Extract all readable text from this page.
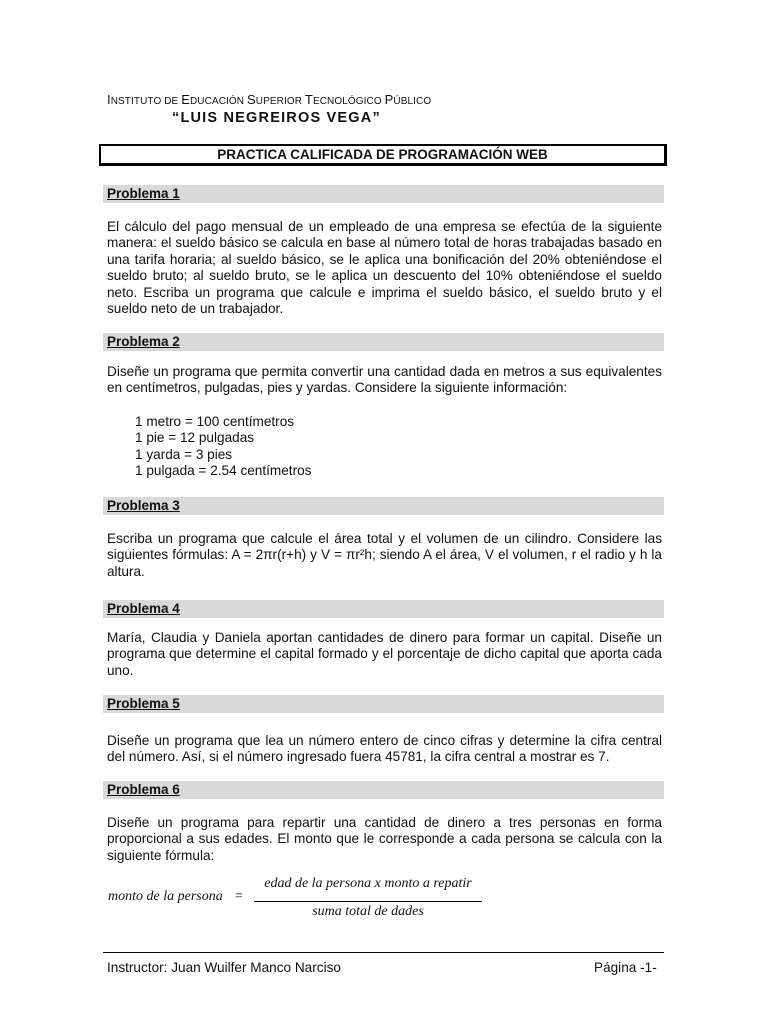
INSTITUTO DE EDUCACIÓN SUPERIOR TECNOLÓGICO PÚBLICO
“LUIS NEGREIROS VEGA”
PRACTICA CALIFICADA DE PROGRAMACIÓN WEB
Problema 1
El cálculo del pago mensual de un empleado de una empresa se efectúa de la siguiente manera: el sueldo básico se calcula en base al número total de horas trabajadas basado en una tarifa horaria; al sueldo básico, se le aplica una bonificación del 20% obteniéndose el sueldo bruto; al sueldo bruto, se le aplica un descuento del 10% obteniéndose el sueldo neto. Escriba un programa que calcule e imprima el sueldo básico, el sueldo bruto y el sueldo neto de un trabajador.
Problema 2
Diseñe un programa que permita convertir una cantidad dada en metros a sus equivalentes en centímetros, pulgadas, pies y yardas. Considere la siguiente información:
1 metro = 100 centímetros
1 pie = 12 pulgadas
1 yarda = 3 pies
1 pulgada = 2.54 centímetros
Problema 3
Escriba un programa que calcule el área total y el volumen de un cilindro. Considere las siguientes fórmulas: A = 2πr(r+h) y V = πr²h; siendo A el área, V el volumen, r el radio y h la altura.
Problema 4
María, Claudia y Daniela aportan cantidades de dinero para formar un capital. Diseñe un programa que determine el capital formado y el porcentaje de dicho capital que aporta cada uno.
Problema 5
Diseñe un programa que lea un número entero de cinco cifras y determine la cifra central del número. Así, si el número ingresado fuera 45781, la cifra central a mostrar es 7.
Problema 6
Diseñe un programa para repartir una cantidad de dinero a tres personas en forma proporcional a sus edades. El monto que le corresponde a cada persona se calcula con la siguiente fórmula:
monto de la persona =
edad de la persona x monto a repatir
suma total de dades
Instructor: Juan Wuilfer Manco Narciso	Página -1-
